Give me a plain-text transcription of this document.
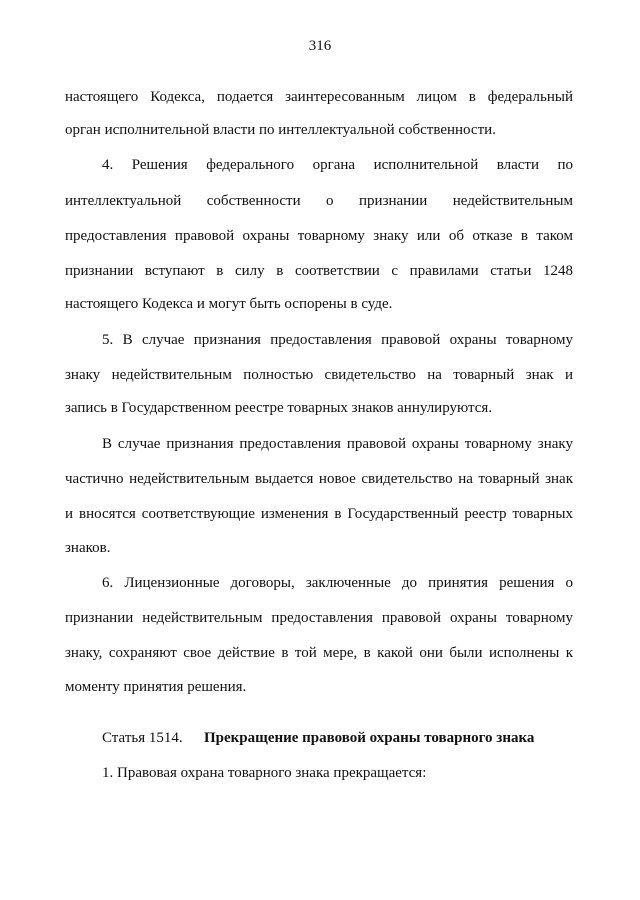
316
настоящего Кодекса, подается заинтересованным лицом в федеральный
орган исполнительной власти по интеллектуальной собственности.
4. Решения федерального органа исполнительной власти по
интеллектуальной собственности о признании недействительным
предоставления правовой охраны товарному знаку или об отказе в таком
признании вступают в силу в соответствии с правилами статьи 1248
настоящего Кодекса и могут быть оспорены в суде.
5. В случае признания предоставления правовой охраны товарному
знаку недействительным полностью свидетельство на товарный знак и
запись в Государственном реестре товарных знаков аннулируются.
В случае признания предоставления правовой охраны товарному знаку
частично недействительным выдается новое свидетельство на товарный знак
и вносятся соответствующие изменения в Государственный реестр товарных
знаков.
6. Лицензионные договоры, заключенные до принятия решения о
признании недействительным предоставления правовой охраны товарному
знаку, сохраняют свое действие в той мере, в какой они были исполнены к
моменту принятия решения.
Статья 1514. Прекращение правовой охраны товарного знака
1. Правовая охрана товарного знака прекращается:
